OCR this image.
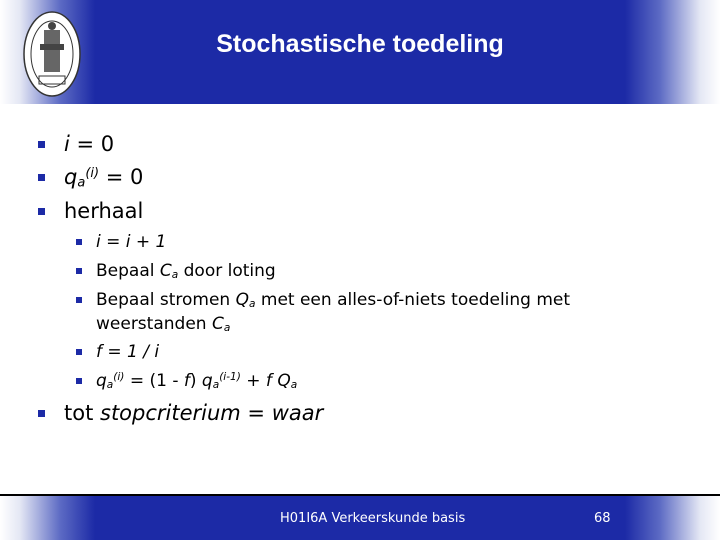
Stochastische toedeling
i = 0
$q_a^{(i)} = 0$
herhaal
i = i + 1
Bepaal $C_a$ door loting
Bepaal stromen $Q_a$ met een alles-of-niets toedeling met
weerstanden $C_a$
f = 1 / i
$q_a^{(i)} = (1 - f) q_a^{(i-1)} + f$ $Q_a$
tot stopcriterium = waar
H01I6A Verkeerskunde basis	68
